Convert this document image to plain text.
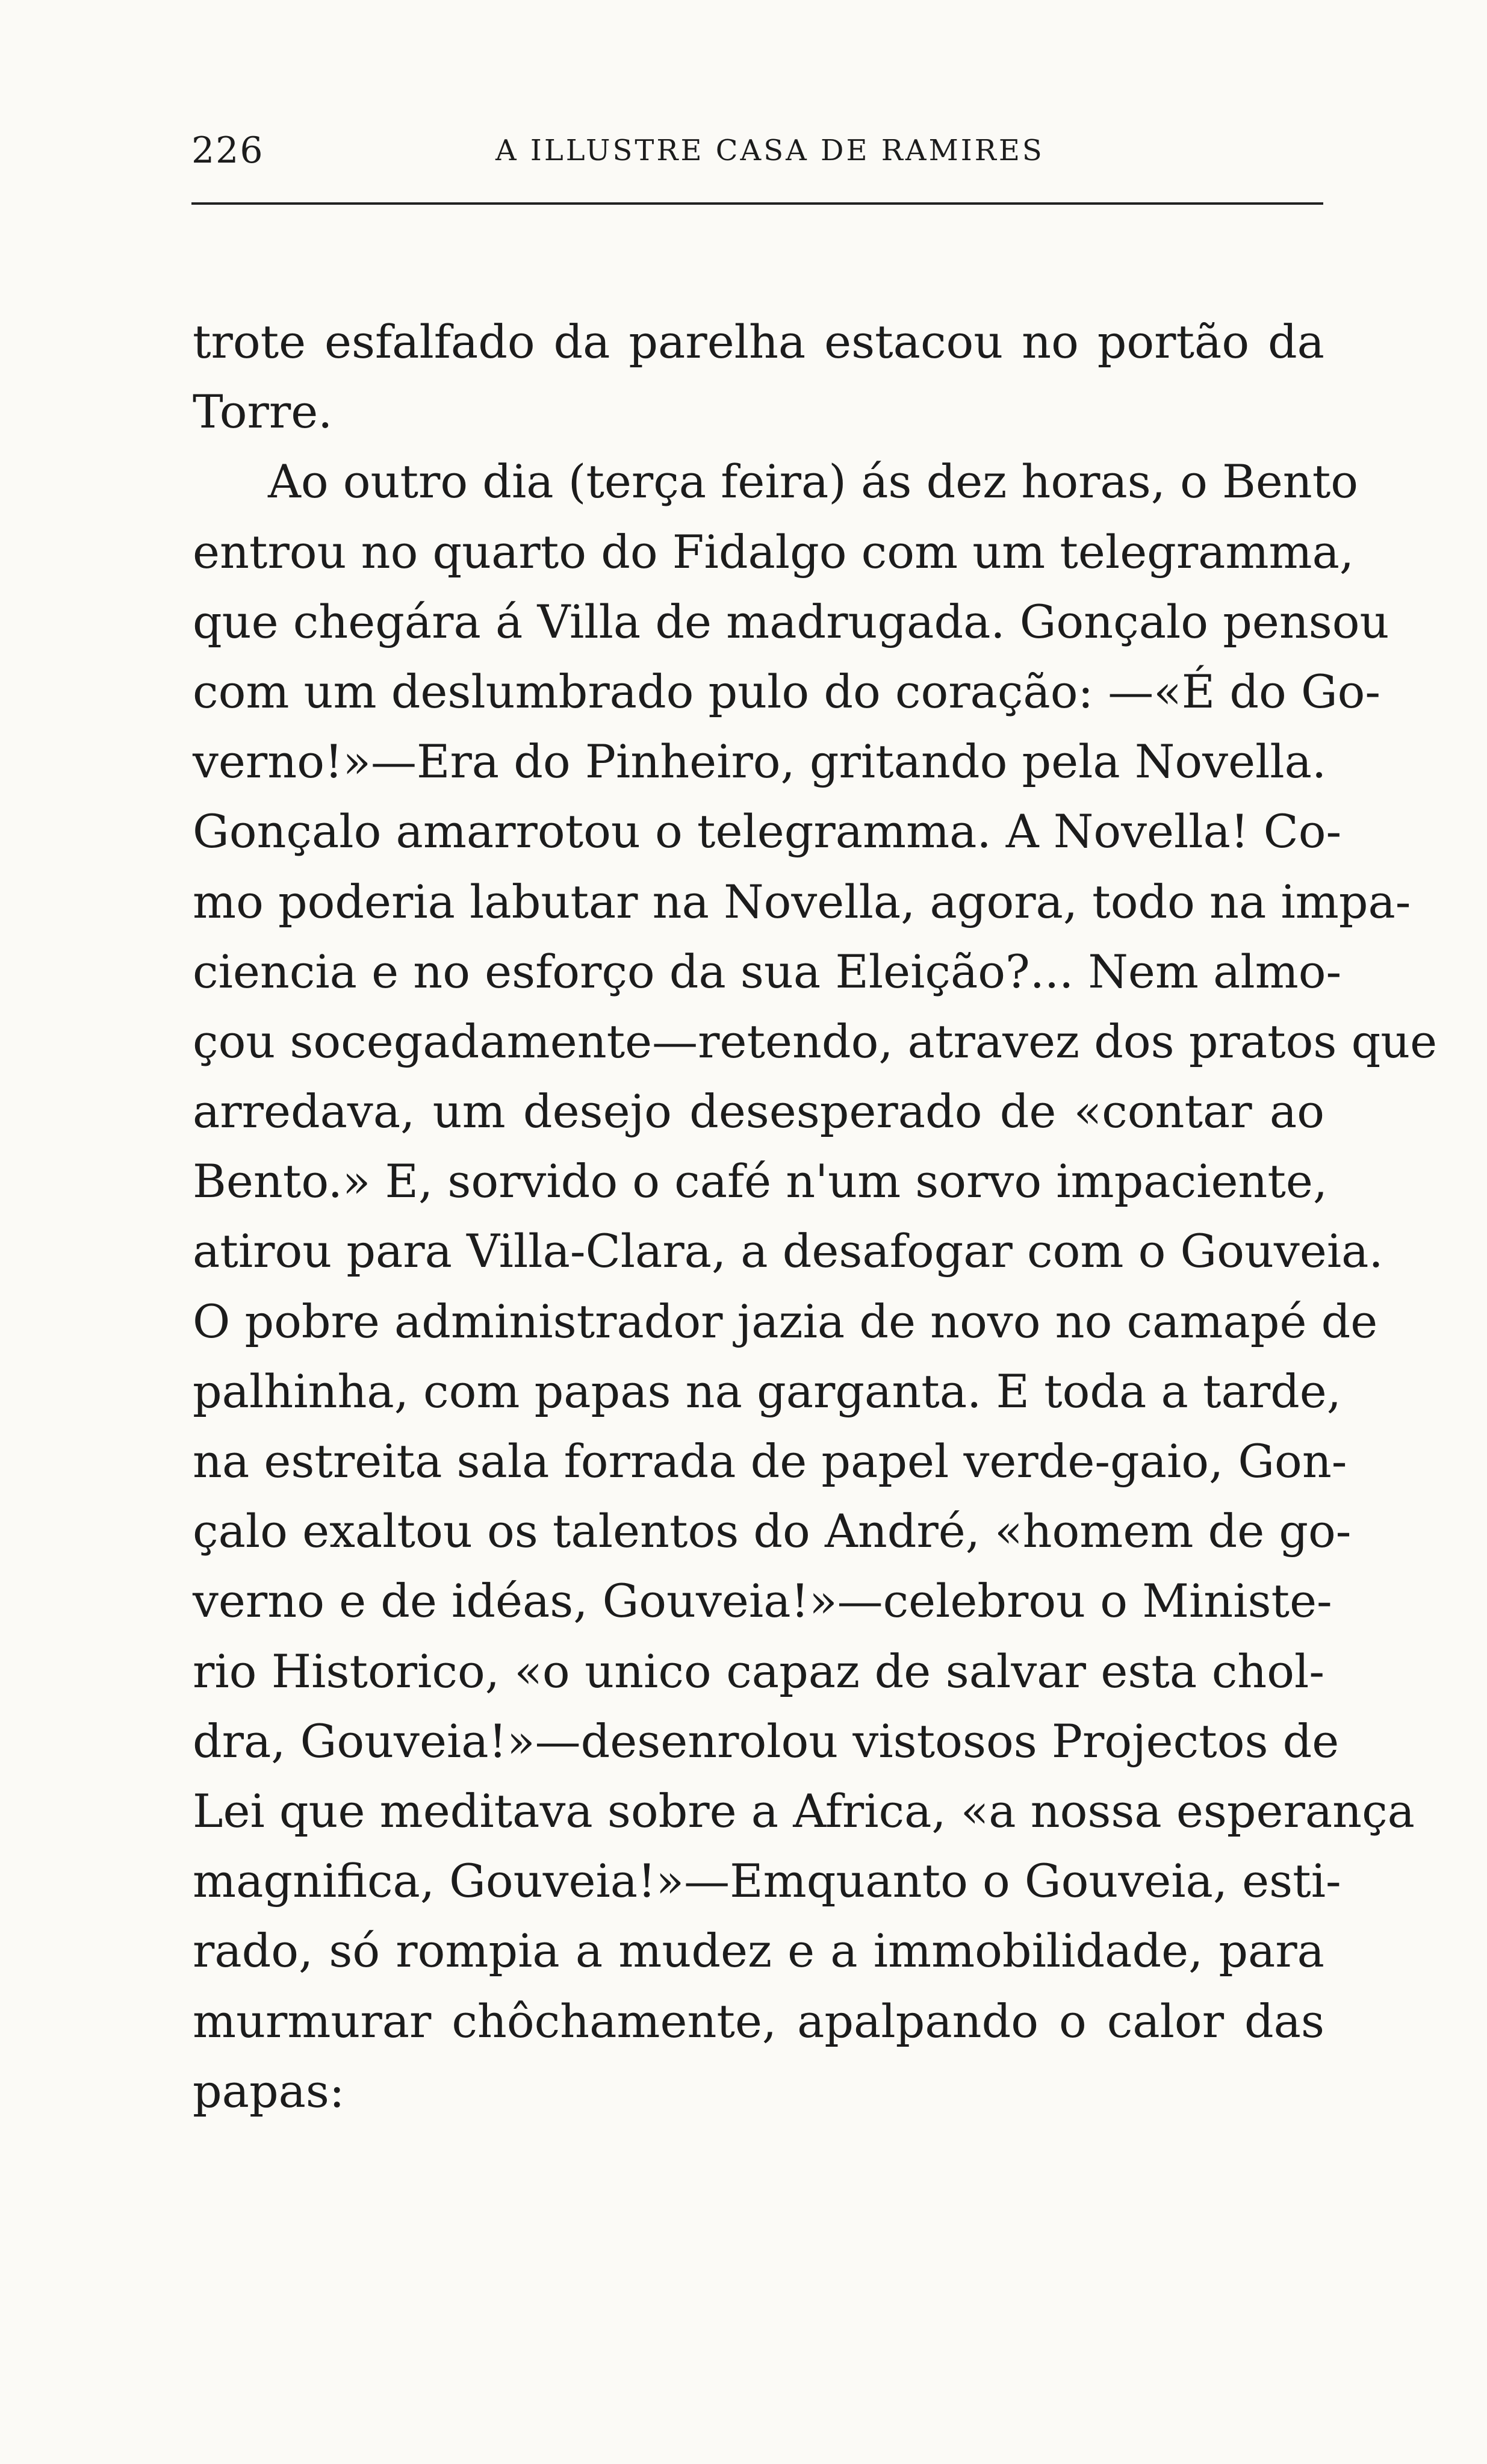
226	A ILLUSTRE CASA DE RAMIRES
trote esfalfado da parelha estacou no portão da
Torre.
Ao outro dia (terça feira) ás dez horas, o Bento
entrou no quarto do Fidalgo com um telegramma,
que chegára á Villa de madrugada. Gonçalo pensou
com um deslumbrado pulo do coração: —«É do Go-
verno!»—Era do Pinheiro, gritando pela Novella.
Gonçalo amarrotou o telegramma. A Novella! Co-
mo poderia labutar na Novella, agora, todo na impa-
ciencia e no esforço da sua Eleição?... Nem almo-
çou socegadamente—retendo, atravez dos pratos que
arredava, um desejo desesperado de «contar ao
Bento.» E, sorvido o café n'um sorvo impaciente,
atirou para Villa-Clara, a desafogar com o Gouveia.
O pobre administrador jazia de novo no camapé de
palhinha, com papas na garganta. E toda a tarde,
na estreita sala forrada de papel verde-gaio, Gon-
çalo exaltou os talentos do André, «homem de go-
verno e de idéas, Gouveia!»—celebrou o Ministe-
rio Historico, «o unico capaz de salvar esta chol-
dra, Gouveia!»—desenrolou vistosos Projectos de
Lei que meditava sobre a Africa, «a nossa esperança
magnifica, Gouveia!»—Emquanto o Gouveia, esti-
rado, só rompia a mudez e a immobilidade, para
murmurar chôchamente, apalpando o calor das
papas:
